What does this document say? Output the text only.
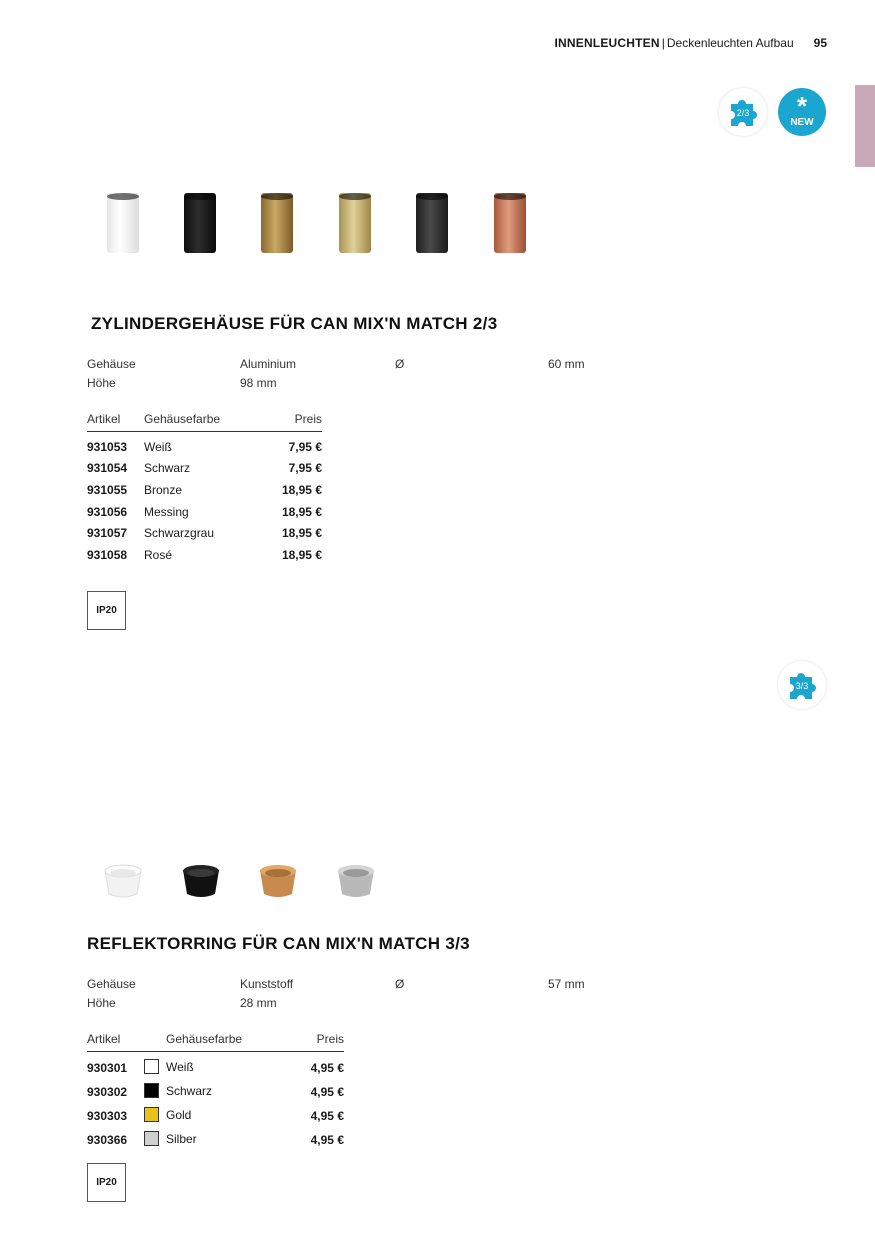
INNENLEUCHTEN | Deckenleuchten Aufbau 95
2/3	*
NEW
ZYLINDERGEHÄUSE FÜR CAN MIX'N MATCH 2/3
Gehäuse	Aluminium	Ø	60 mm
Höhe	98 mm
Artikel	Gehäusefarbe	Preis
931053	Weiß	7,95 €
931054	Schwarz	7,95 €
931055	Bronze	18,95 €
931056	Messing	18,95 €
931057	Schwarzgrau	18,95 €
931058	Rosé	18,95 €
IP20
3/3
REFLEKTORRING FÜR CAN MIX'N MATCH 3/3
Gehäuse	Kunststoff	Ø	57 mm
Höhe	28 mm
Artikel	Gehäusefarbe	Preis
930301	Weiß	4,95 €
930302	Schwarz	4,95 €
930303	Gold	4,95 €
930366	Silber	4,95 €
IP20
